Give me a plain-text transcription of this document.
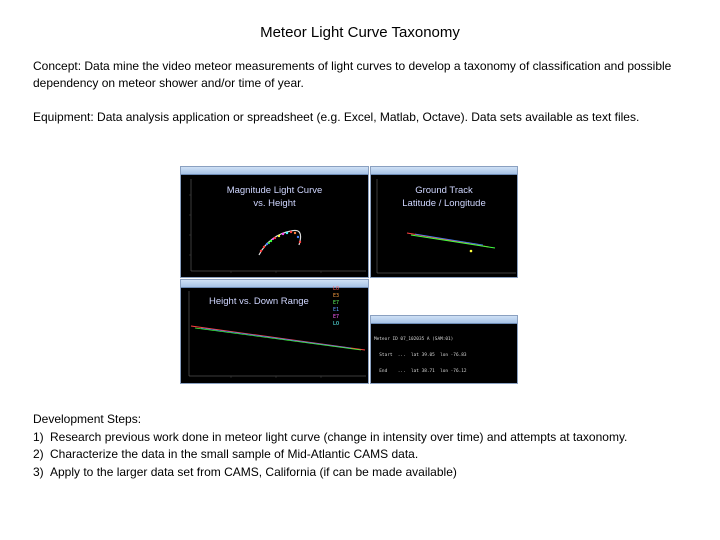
Meteor Light Curve Taxonomy
Concept: Data mine the video meteor measurements of light curves to develop a taxonomy of classification and possible dependency on meteor shower and/or time of year.
Equipment: Data analysis application or spreadsheet (e.g. Excel, Matlab, Octave). Data sets available as text files.
Magnitude Light Curve
vs. Height
Ground Track
Latitude / Longitude
Height vs. Down Range
LO
E3
E7
E1
E7
LO

Meteor ID 07_102035 A (SAM:01)

Start  ...  lat 39.05  lon -76.83

End    ...  lat 38.71  lon -76.12

Development Steps:
1) Research previous work done in meteor light curve (change in intensity over time) and attempts at taxonomy.
2) Characterize the data in the small sample of Mid-Atlantic CAMS data.
3) Apply to the larger data set from CAMS, California (if can be made available)
